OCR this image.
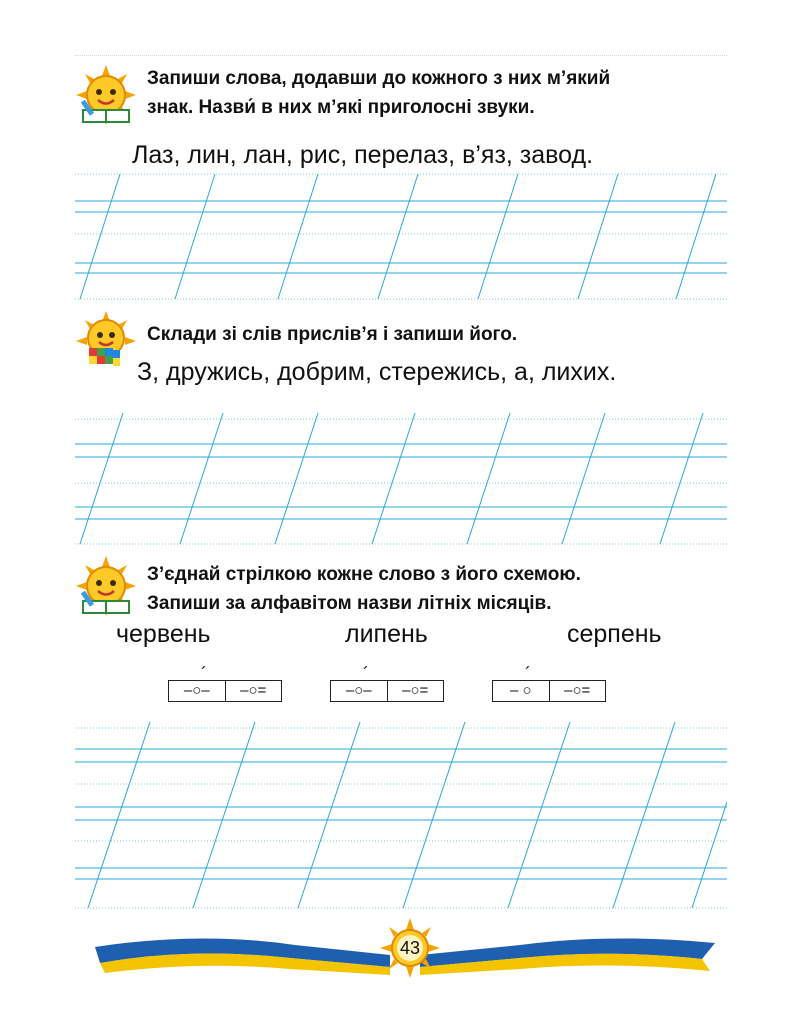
Запиши слова, додавши до кожного з них м’який
знак. Назви́ в них м’які приголосні звуки.
Лаз, лин, лан, рис, перелаз, в’яз, завод.
Склади зі слів прислів’я і запиши його.
З, дружись, добрим, стережись, а, лихих.
З’єднай стрілкою кожне слово з його схемою.
Запиши за алфавітом назви літніх місяців.
червень	липень	серпень
´
–○–	–○=
´
–○–	–○=
´
– ○	–○=
43
